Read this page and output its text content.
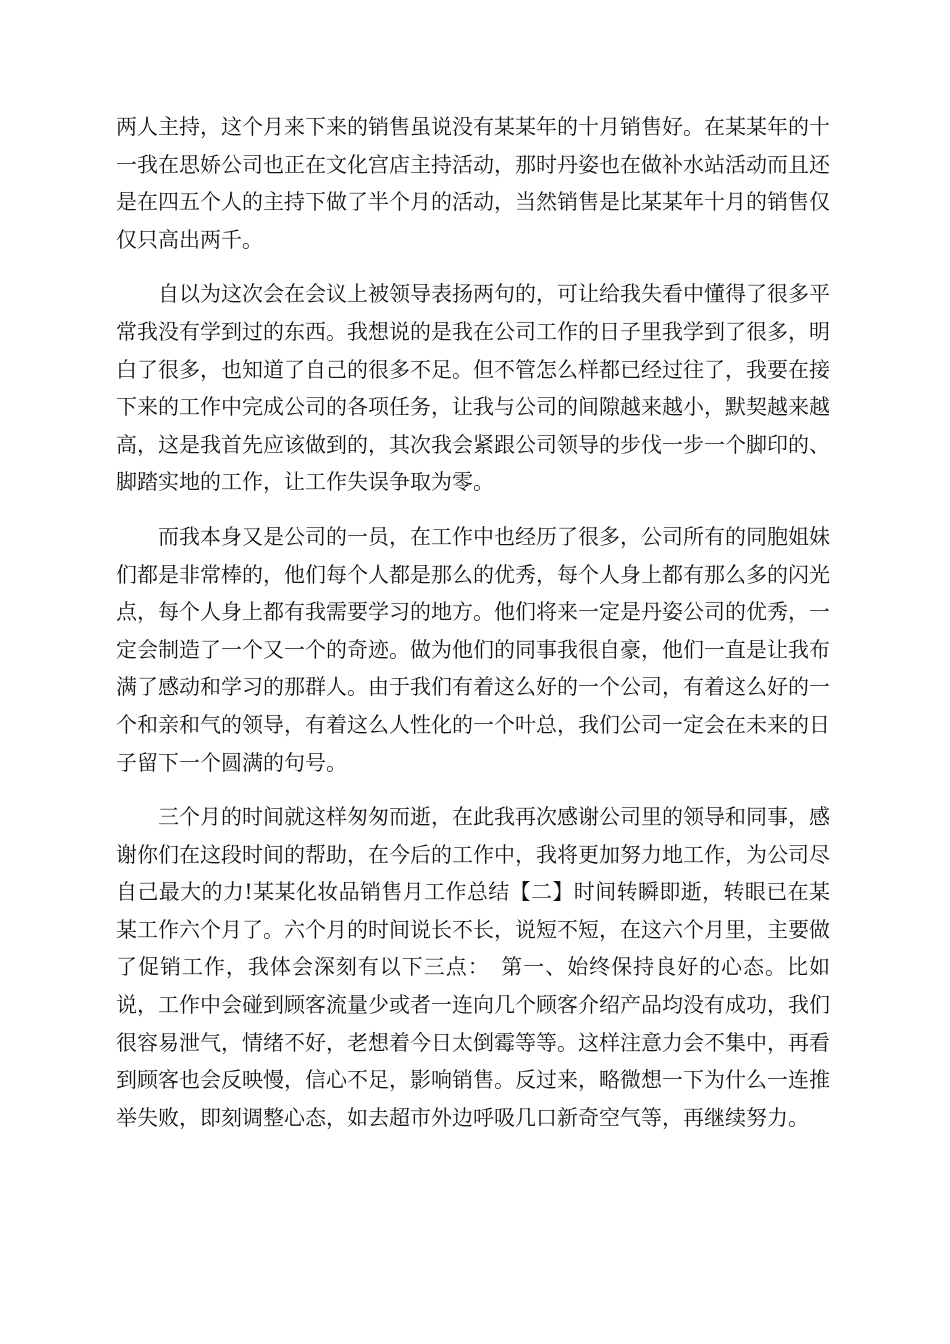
两人主持，这个月来下来的销售虽说没有某某年的十月销售好。在某某年的十一我在思娇公司也正在文化宫店主持活动，那时丹姿也在做补水站活动而且还是在四五个人的主持下做了半个月的活动，当然销售是比某某年十月的销售仅仅只高出两千。

自以为这次会在会议上被领导表扬两句的，可让给我失看中懂得了很多平常我没有学到过的东西。我想说的是我在公司工作的日子里我学到了很多，明白了很多，也知道了自己的很多不足。但不管怎么样都已经过往了，我要在接下来的工作中完成公司的各项任务，让我与公司的间隙越来越小，默契越来越高，这是我首先应该做到的，其次我会紧跟公司领导的步伐一步一个脚印的、脚踏实地的工作，让工作失误争取为零。

而我本身又是公司的一员，在工作中也经历了很多，公司所有的同胞姐妹们都是非常棒的，他们每个人都是那么的优秀，每个人身上都有那么多的闪光点，每个人身上都有我需要学习的地方。他们将来一定是丹姿公司的优秀，一定会制造了一个又一个的奇迹。做为他们的同事我很自豪，他们一直是让我布满了感动和学习的那群人。由于我们有着这么好的一个公司，有着这么好的一个和亲和气的领导，有着这么人性化的一个叶总，我们公司一定会在未来的日子留下一个圆满的句号。

三个月的时间就这样匆匆而逝，在此我再次感谢公司里的领导和同事，感谢你们在这段时间的帮助，在今后的工作中，我将更加努力地工作，为公司尽自己最大的力!某某化妆品销售月工作总结【二】时间转瞬即逝，转眼已在某某工作六个月了。六个月的时间说长不长，说短不短，在这六个月里，主要做了促销工作，我体会深刻有以下三点：　第一、始终保持良好的心态。比如说，工作中会碰到顾客流量少或者一连向几个顾客介绍产品均没有成功，我们很容易泄气，情绪不好，老想着今日太倒霉等等。这样注意力会不集中，再看到顾客也会反映慢，信心不足，影响销售。反过来，略微想一下为什么一连推举失败，即刻调整心态，如去超市外边呼吸几口新奇空气等，再继续努力。
